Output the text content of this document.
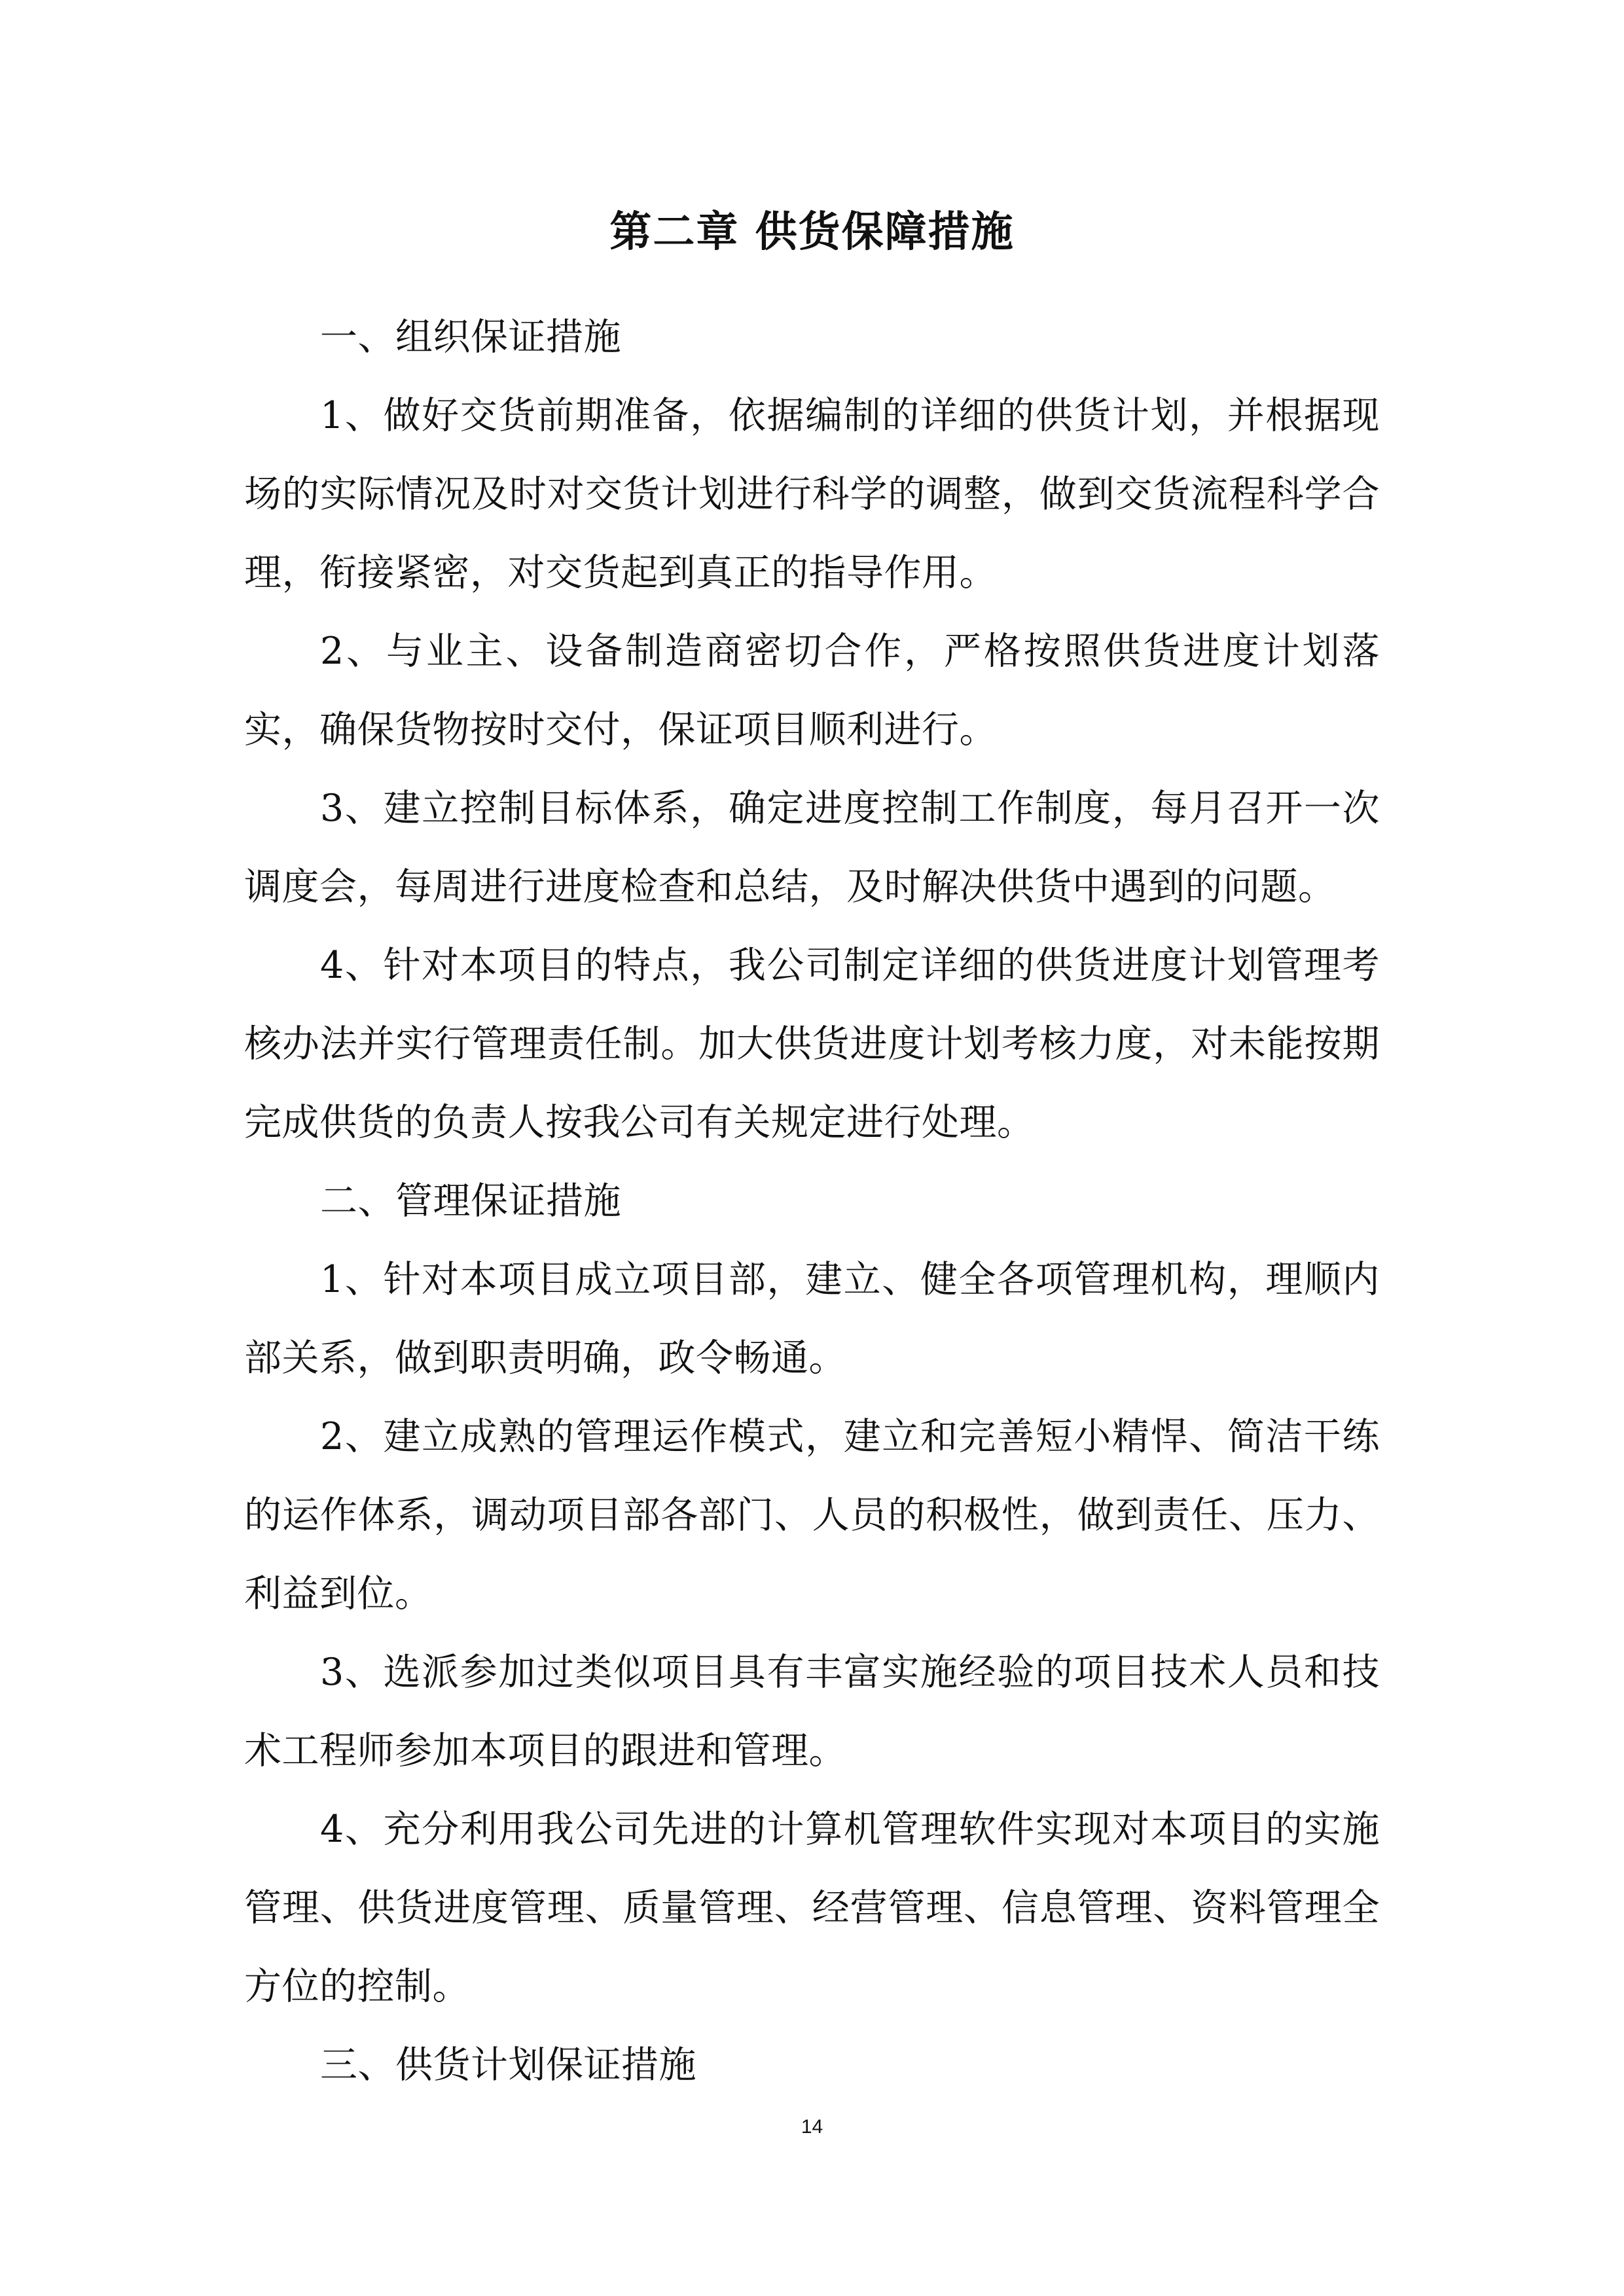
第二章 供货保障措施

一、组织保证措施

1、做好交货前期准备，依据编制的详细的供货计划，并根据现场的实际情况及时对交货计划进行科学的调整，做到交货流程科学合理，衔接紧密，对交货起到真正的指导作用。

2、与业主、设备制造商密切合作，严格按照供货进度计划落实，确保货物按时交付，保证项目顺利进行。

3、建立控制目标体系，确定进度控制工作制度，每月召开一次调度会，每周进行进度检查和总结，及时解决供货中遇到的问题。

4、针对本项目的特点，我公司制定详细的供货进度计划管理考核办法并实行管理责任制。加大供货进度计划考核力度，对未能按期完成供货的负责人按我公司有关规定进行处理。

二、管理保证措施

1、针对本项目成立项目部，建立、健全各项管理机构，理顺内部关系，做到职责明确，政令畅通。

2、建立成熟的管理运作模式，建立和完善短小精悍、简洁干练的运作体系，调动项目部各部门、人员的积极性，做到责任、压力、利益到位。

3、选派参加过类似项目具有丰富实施经验的项目技术人员和技术工程师参加本项目的跟进和管理。

4、充分利用我公司先进的计算机管理软件实现对本项目的实施管理、供货进度管理、质量管理、经营管理、信息管理、资料管理全方位的控制。

三、供货计划保证措施

14
